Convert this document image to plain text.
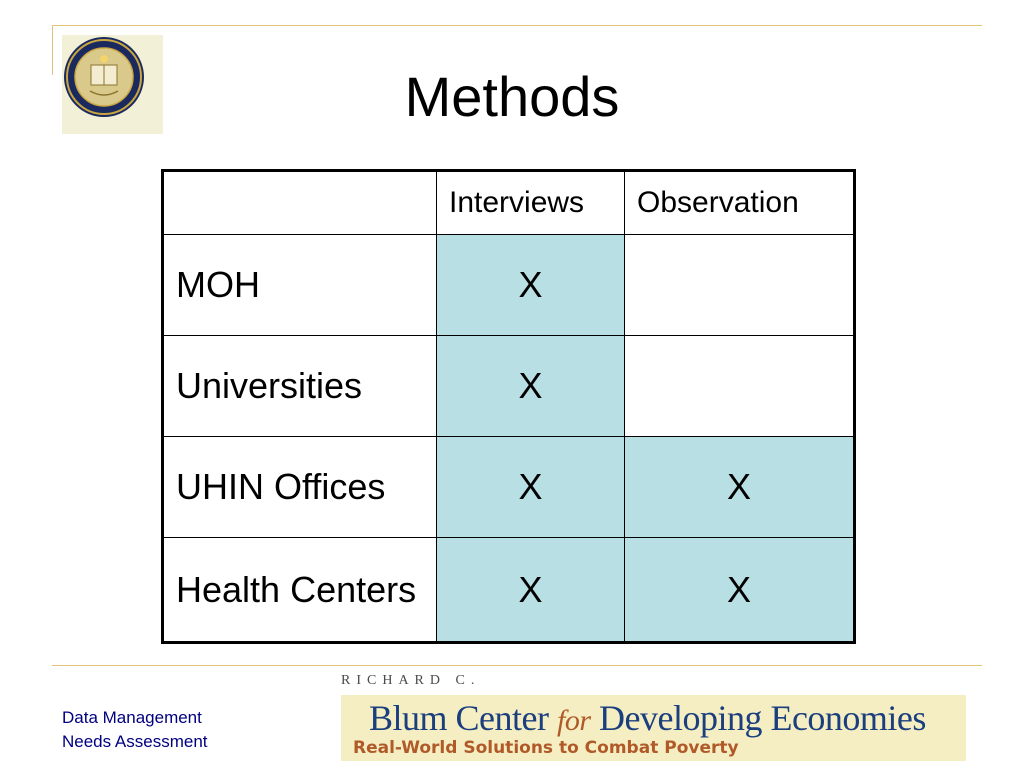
Methods
	Interviews	Observation
MOH	X	
Universities	X	
UHIN Offices	X	X
Health Centers	X	X
Data Management
Needs Assessment
RICHARD C.
Blum Center for Developing Economies
Real-World Solutions to Combat Poverty
